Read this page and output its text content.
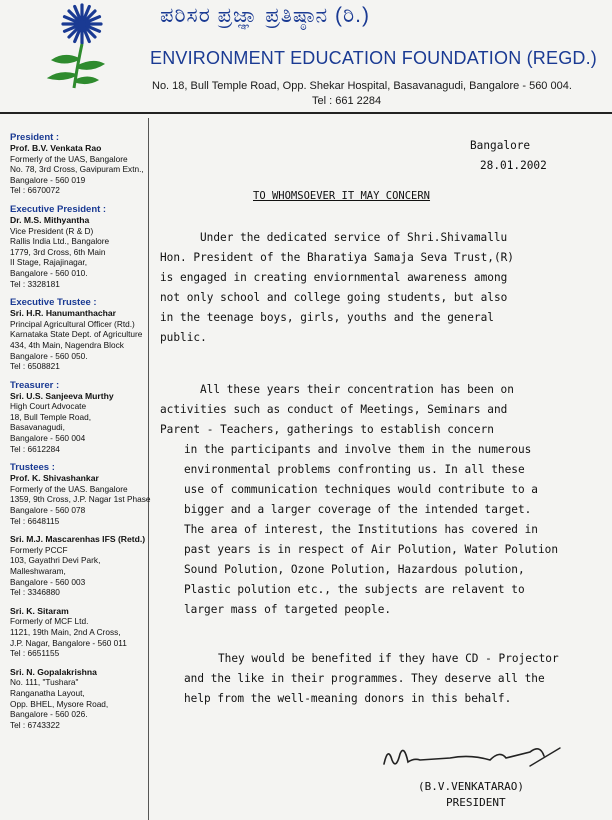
ಪರಿಸರ ಪ್ರಜ್ಞಾ ಪ್ರತಿಷ್ಠಾನ (ರಿ.)
ENVIRONMENT EDUCATION FOUNDATION (REGD.)
No. 18, Bull Temple Road, Opp. Shekar Hospital, Basavanagudi, Bangalore - 560 004.
Tel : 661 2284
President :
Prof. B.V. Venkata Rao
Formerly of the UAS, Bangalore
No. 78, 3rd Cross, Gavipuram Extn.,
Bangalore - 560 019
Tel : 6670072
Executive President :
Dr. M.S. Mithyantha
Vice President (R & D)
Rallis India Ltd., Bangalore
1779, 3rd Cross, 6th Main
II Stage, Rajajinagar,
Bangalore - 560 010.
Tel : 3328181
Executive Trustee :
Sri. H.R. Hanumanthachar
Principal Agricultural Officer (Rtd.)
Karnataka State Dept. of Agriculture
434, 4th Main, Nagendra Block
Bangalore - 560 050.
Tel : 6508821
Treasurer :
Sri. U.S. Sanjeeva Murthy
High Court Advocate
18, Bull Temple Road,
Basavanagudi,
Bangalore - 560 004
Tel : 6612284
Trustees :
Prof. K. Shivashankar
Formerly of the UAS. Bangalore
1359, 9th Cross, J.P. Nagar 1st Phase
Bangalore - 560 078
Tel : 6648115
Sri. M.J. Mascarenhas IFS (Retd.)
Formerly PCCF
103, Gayathri Devi Park,
Malleshwaram,
Bangalore - 560 003
Tel : 3346880
Sri. K. Sitaram
Formerly of MCF Ltd.
1121, 19th Main, 2nd A Cross,
J.P. Nagar, Bangalore - 560 011
Tel : 6651155
Sri. N. Gopalakrishna
No. 111, "Tushara"
Ranganatha Layout,
Opp. BHEL, Mysore Road,
Bangalore - 560 026.
Tel : 6743322
Bangalore
28.01.2002
TO WHOMSOEVER IT MAY CONCERN
Under the dedicated service of Shri.Shivamallu
Hon. President of the Bharatiya Samaja Seva Trust,(R)
is engaged in creating enviornmental awareness among
not only school and college going students, but also
in the teenage boys, girls, youths and the general
public.
All these years their concentration has been on
activities such as conduct of Meetings, Seminars and
Parent - Teachers, gatherings to establish concern
in the participants and involve them in the numerous
environmental problems confronting us. In all these
use of communication techniques would contribute to a
bigger and a larger coverage of the intended target.
The area of interest, the Institutions has covered in
past years is in respect of Air Polution, Water Polution
Sound Polution, Ozone Polution, Hazardous polution,
Plastic polution etc., the subjects are relavent to
larger mass of targeted people.
They would be benefited if they have CD - Projector
and the like in their programmes. They deserve all the
help from the well-meaning donors in this behalf.
(B.V.VENKATARAO)
PRESIDENT
